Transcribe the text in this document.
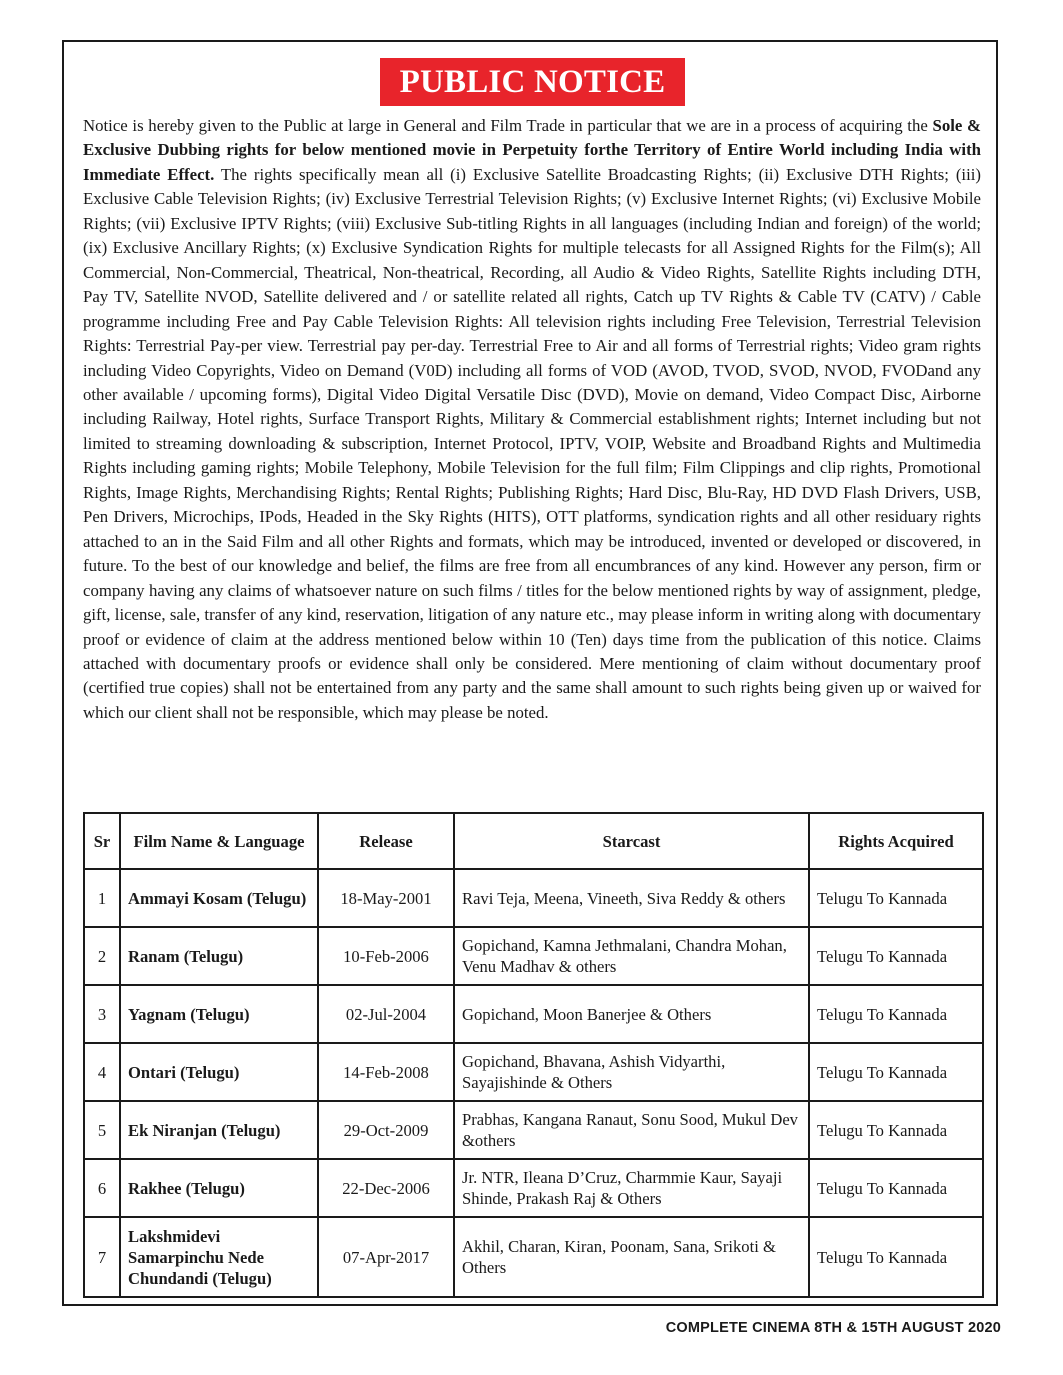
PUBLIC NOTICE
Notice is hereby given to the Public at large in General and Film Trade in particular that we are in a process of acquiring the Sole & Exclusive Dubbing rights for below mentioned movie in Perpetuity forthe Territory of Entire World including India with Immediate Effect. The rights specifically mean all (i) Exclusive Satellite Broadcasting Rights; (ii) Exclusive DTH Rights; (iii) Exclusive Cable Television Rights; (iv) Exclusive Terrestrial Television Rights; (v) Exclusive Internet Rights; (vi) Exclusive Mobile Rights; (vii) Exclusive IPTV Rights; (viii) Exclusive Sub-titling Rights in all languages (including Indian and foreign) of the world; (ix) Exclusive Ancillary Rights; (x) Exclusive Syndication Rights for multiple telecasts for all Assigned Rights for the Film(s); All Commercial, Non-Commercial, Theatrical, Non-theatrical, Recording, all Audio & Video Rights, Satellite Rights including DTH, Pay TV, Satellite NVOD, Satellite delivered and / or satellite related all rights, Catch up TV Rights & Cable TV (CATV) / Cable programme including Free and Pay Cable Television Rights: All television rights including Free Television, Terrestrial Television Rights: Terrestrial Pay-per view. Terrestrial pay per-day. Terrestrial Free to Air and all forms of Terrestrial rights; Video gram rights including Video Copyrights, Video on Demand (V0D) including all forms of VOD (AVOD, TVOD, SVOD, NVOD, FVODand any other available / upcoming forms), Digital Video Digital Versatile Disc (DVD), Movie on demand, Video Compact Disc, Airborne including Railway, Hotel rights, Surface Transport Rights, Military & Commercial establishment rights; Internet including but not limited to streaming downloading & subscription, Internet Protocol, IPTV, VOIP, Website and Broadband Rights and Multimedia Rights including gaming rights; Mobile Telephony, Mobile Television for the full film; Film Clippings and clip rights, Promotional Rights, Image Rights, Merchandising Rights; Rental Rights; Publishing Rights; Hard Disc, Blu-Ray, HD DVD Flash Drivers, USB, Pen Drivers, Microchips, IPods, Headed in the Sky Rights (HITS), OTT platforms, syndication rights and all other residuary rights attached to an in the Said Film and all other Rights and formats, which may be introduced, invented or developed or discovered, in future. To the best of our knowledge and belief, the films are free from all encumbrances of any kind. However any person, firm or company having any claims of whatsoever nature on such films / titles for the below mentioned rights by way of assignment, pledge, gift, license, sale, transfer of any kind, reservation, litigation of any nature etc., may please inform in writing along with documentary proof or evidence of claim at the address mentioned below within 10 (Ten) days time from the publication of this notice. Claims attached with documentary proofs or evidence shall only be considered. Mere mentioning of claim without documentary proof (certified true copies) shall not be entertained from any party and the same shall amount to such rights being given up or waived for which our client shall not be responsible, which may please be noted.
Sr	Film Name & Language	Release	Starcast	Rights Acquired
1	Ammayi Kosam (Telugu)	18-May-2001	Ravi Teja, Meena, Vineeth, Siva Reddy & others	Telugu To Kannada
2	Ranam (Telugu)	10-Feb-2006	Gopichand, Kamna Jethmalani, Chandra Mohan, Venu Madhav & others	Telugu To Kannada
3	Yagnam (Telugu)	02-Jul-2004	Gopichand, Moon Banerjee & Others	Telugu To Kannada
4	Ontari (Telugu)	14-Feb-2008	Gopichand, Bhavana, Ashish Vidyarthi, Sayajishinde & Others	Telugu To Kannada
5	Ek Niranjan (Telugu)	29-Oct-2009	Prabhas, Kangana Ranaut, Sonu Sood, Mukul Dev &others	Telugu To Kannada
6	Rakhee (Telugu)	22-Dec-2006	Jr. NTR, Ileana D’Cruz, Charmmie Kaur, Sayaji Shinde, Prakash Raj & Others	Telugu To Kannada
7	Lakshmidevi Samarpinchu Nede Chundandi (Telugu)	07-Apr-2017	Akhil, Charan, Kiran, Poonam, Sana, Srikoti & Others	Telugu To Kannada
COMPLETE CINEMA 8TH & 15TH AUGUST 2020
